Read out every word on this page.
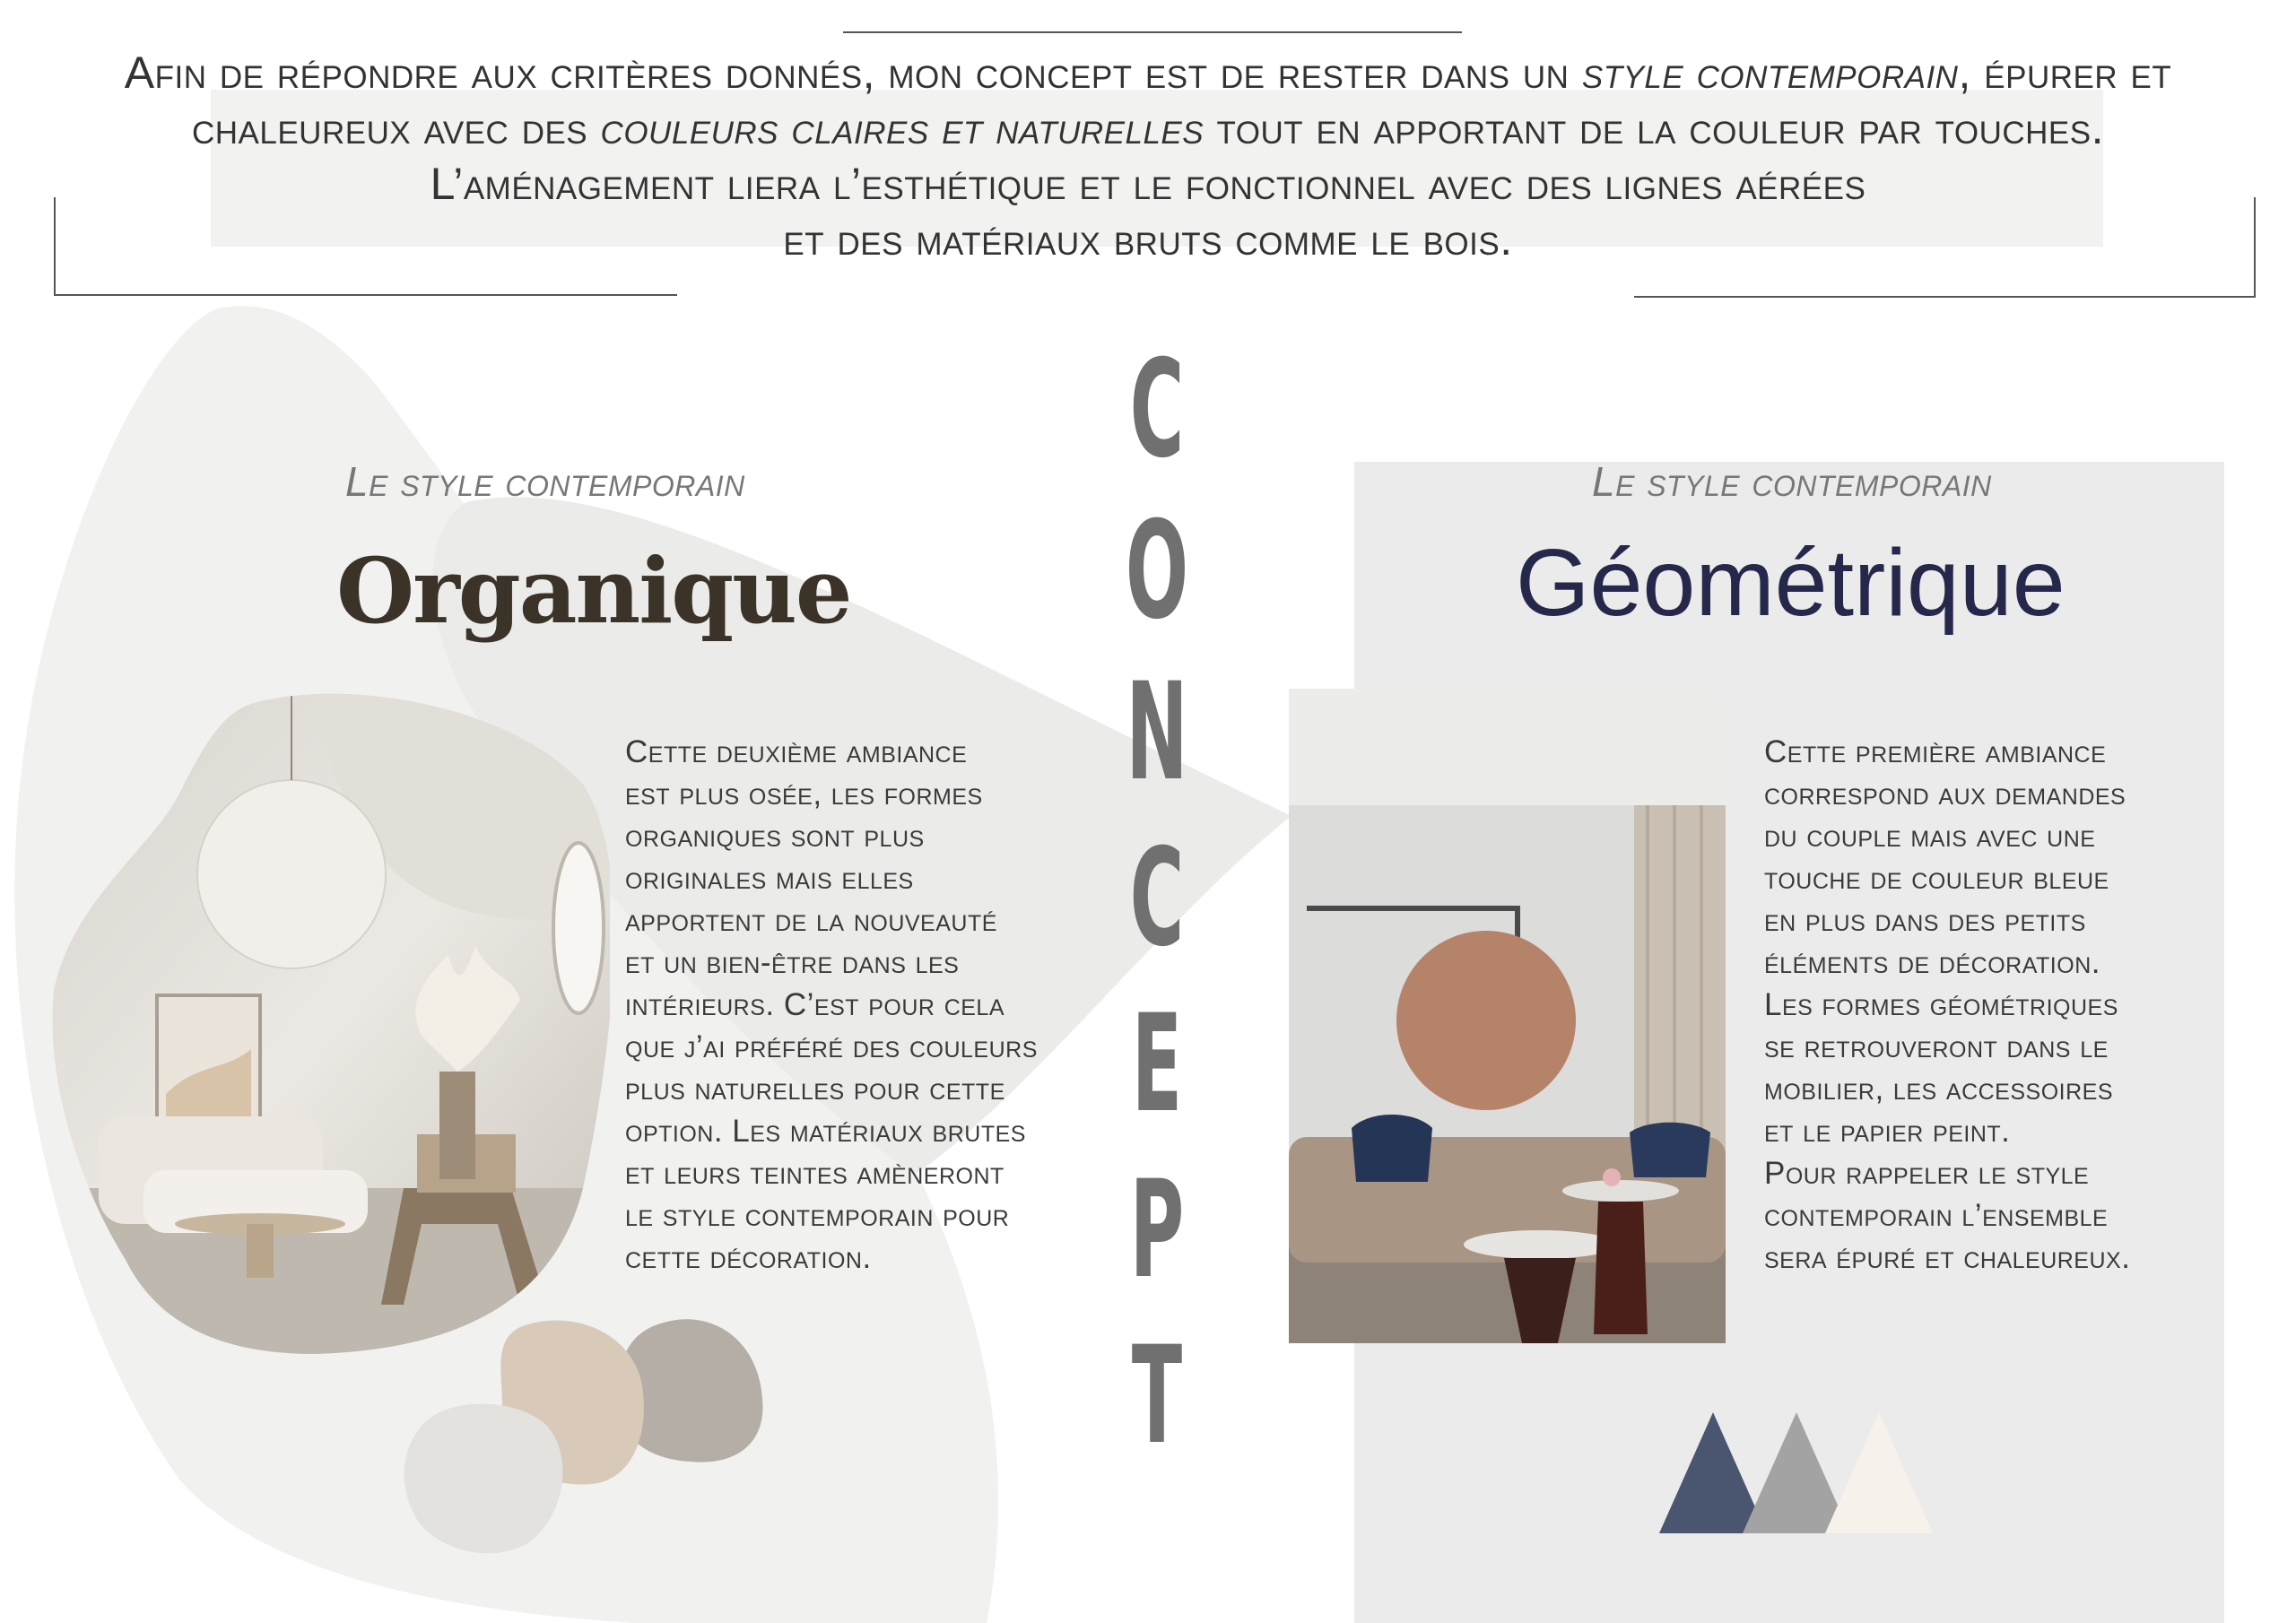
Afin de répondre aux critères donnés, mon concept est de rester dans un style contemporain, épurer et
chaleureux avec des couleurs claires et naturelles tout en apportant de la couleur par touches.
L’aménagement liera l’esthétique et le fonctionnel avec des lignes aérées
et des matériaux bruts comme le bois.
C
O
N
C
E
P
T
Le style contemporain
Organique
Cette deuxième ambiance
est plus osée, les formes
organiques sont plus
originales mais elles
apportent de la nouveauté
et un bien-être dans les
intérieurs. C’est pour cela
que j’ai préféré des couleurs
plus naturelles pour cette
option. Les matériaux brutes
et leurs teintes amèneront
le style contemporain pour
cette décoration.
Le style contemporain
Géométrique
Cette première ambiance
correspond aux demandes
du couple mais avec une
touche de couleur bleue
en plus dans des petits
éléments de décoration.
Les formes géométriques
se retrouveront dans le
mobilier, les accessoires
et le papier peint.
Pour rappeler le style
contemporain l’ensemble
sera épuré et chaleureux.
